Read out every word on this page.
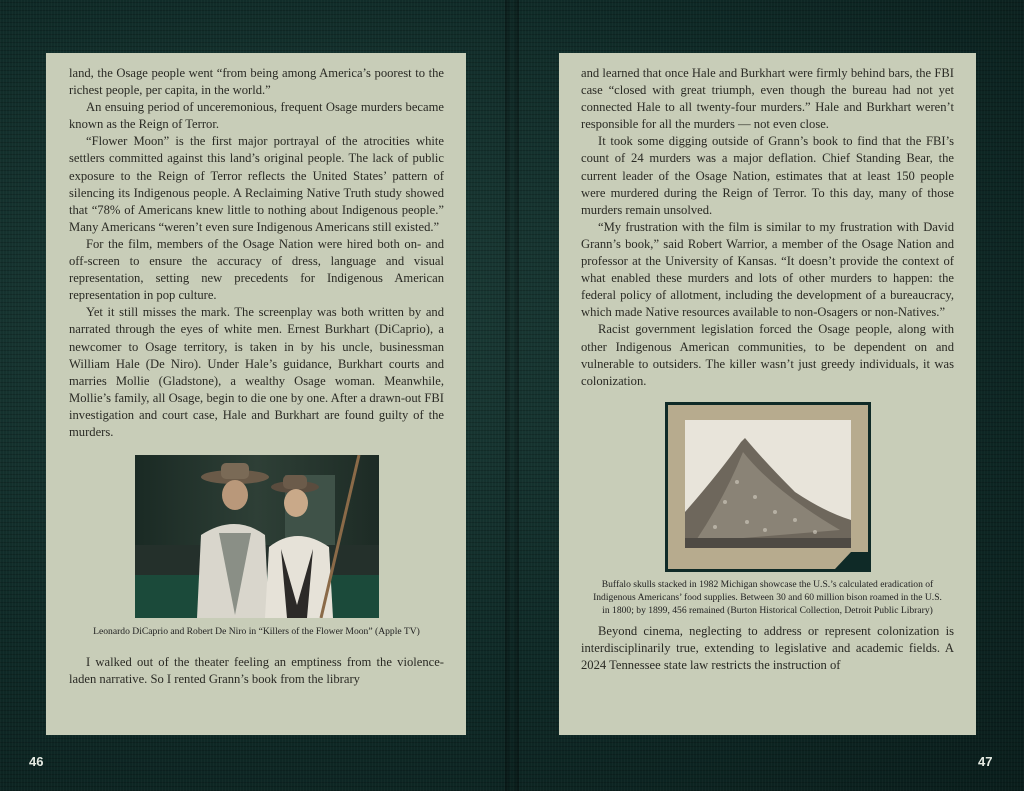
land, the Osage people went “from being among America’s poorest to the richest people, per capita, in the world.”

An ensuing period of unceremonious, frequent Osage murders became known as the Reign of Terror.

“Flower Moon” is the first major portrayal of the atrocities white settlers committed against this land’s original people. The lack of public exposure to the Reign of Terror reflects the United States’ pattern of silencing its Indigenous people. A Reclaiming Native Truth study showed that “78% of Americans knew little to nothing about Indigenous people.” Many Americans “weren’t even sure Indigenous Americans still existed.”

For the film, members of the Osage Nation were hired both on- and off-screen to ensure the accuracy of dress, language and visual representation, setting new precedents for Indigenous American representation in pop culture.

Yet it still misses the mark. The screenplay was both written by and narrated through the eyes of white men. Ernest Burkhart (DiCaprio), a newcomer to Osage territory, is taken in by his uncle, businessman William Hale (De Niro). Under Hale’s guidance, Burkhart courts and marries Mollie (Gladstone), a wealthy Osage woman. Meanwhile, Mollie’s family, all Osage, begin to die one by one. After a drawn-out FBI investigation and court case, Hale and Burkhart are found guilty of the murders.

Leonardo DiCaprio and Robert De Niro in “Killers of the Flower Moon” (Apple TV)

I walked out of the theater feeling an emptiness from the violence-laden narrative. So I rented Grann’s book from the library

and learned that once Hale and Burkhart were firmly behind bars, the FBI case “closed with great triumph, even though the bureau had not yet connected Hale to all twenty-four murders.” Hale and Burkhart weren’t responsible for all the murders — not even close.

It took some digging outside of Grann’s book to find that the FBI’s count of 24 murders was a major deflation. Chief Standing Bear, the current leader of the Osage Nation, estimates that at least 150 people were murdered during the Reign of Terror. To this day, many of those murders remain unsolved.

“My frustration with the film is similar to my frustration with David Grann’s book,” said Robert Warrior, a member of the Osage Nation and professor at the University of Kansas. “It doesn’t provide the context of what enabled these murders and lots of other murders to happen: the federal policy of allotment, including the development of a bureaucracy, which made Native resources available to non-Osagers or non-Natives.”

Racist government legislation forced the Osage people, along with other Indigenous American communities, to be dependent on and vulnerable to outsiders. The killer wasn’t just greedy individuals, it was colonization.

Buffalo skulls stacked in 1982 Michigan showcase the U.S.’s calculated eradication of Indigenous Americans’ food supplies. Between 30 and 60 million bison roamed in the U.S. in 1800; by 1899, 456 remained (Burton Historical Collection, Detroit Public Library)

Beyond cinema, neglecting to address or represent colonization is interdisciplinarily true, extending to legislative and academic fields. A 2024 Tennessee state law restricts the instruction of

46	47
